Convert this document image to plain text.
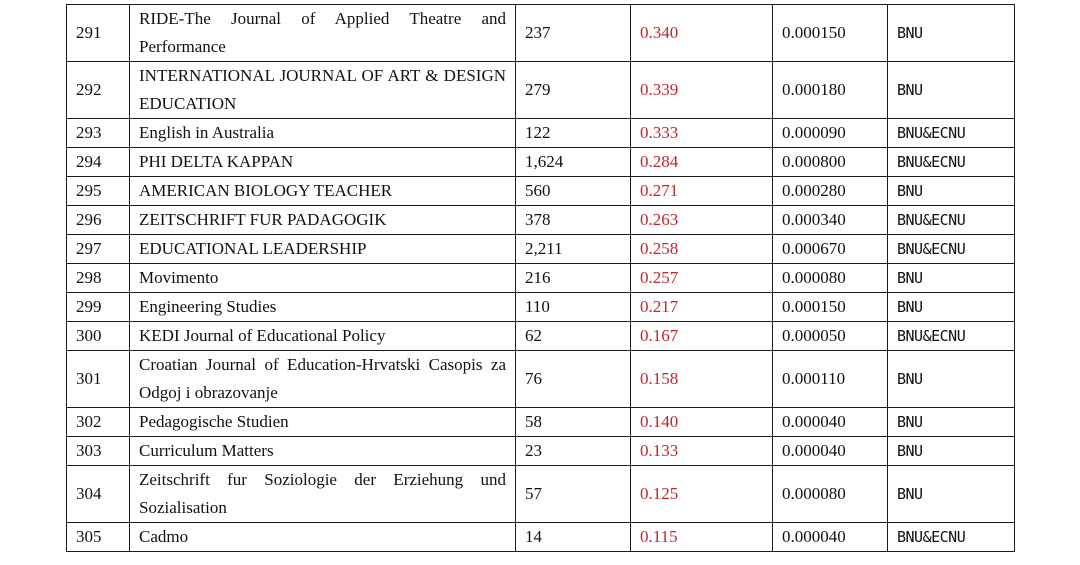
291	RIDE-The Journal of Applied Theatre and Performance	237	0.340	0.000150	BNU
292	INTERNATIONAL JOURNAL OF ART & DESIGN EDUCATION	279	0.339	0.000180	BNU
293	English in Australia	122	0.333	0.000090	BNU&ECNU
294	PHI DELTA KAPPAN	1,624	0.284	0.000800	BNU&ECNU
295	AMERICAN BIOLOGY TEACHER	560	0.271	0.000280	BNU
296	ZEITSCHRIFT FUR PADAGOGIK	378	0.263	0.000340	BNU&ECNU
297	EDUCATIONAL LEADERSHIP	2,211	0.258	0.000670	BNU&ECNU
298	Movimento	216	0.257	0.000080	BNU
299	Engineering Studies	110	0.217	0.000150	BNU
300	KEDI Journal of Educational Policy	62	0.167	0.000050	BNU&ECNU
301	Croatian Journal of Education-Hrvatski Casopis za Odgoj i obrazovanje	76	0.158	0.000110	BNU
302	Pedagogische Studien	58	0.140	0.000040	BNU
303	Curriculum Matters	23	0.133	0.000040	BNU
304	Zeitschrift fur Soziologie der Erziehung und Sozialisation	57	0.125	0.000080	BNU
305	Cadmo	14	0.115	0.000040	BNU&ECNU
